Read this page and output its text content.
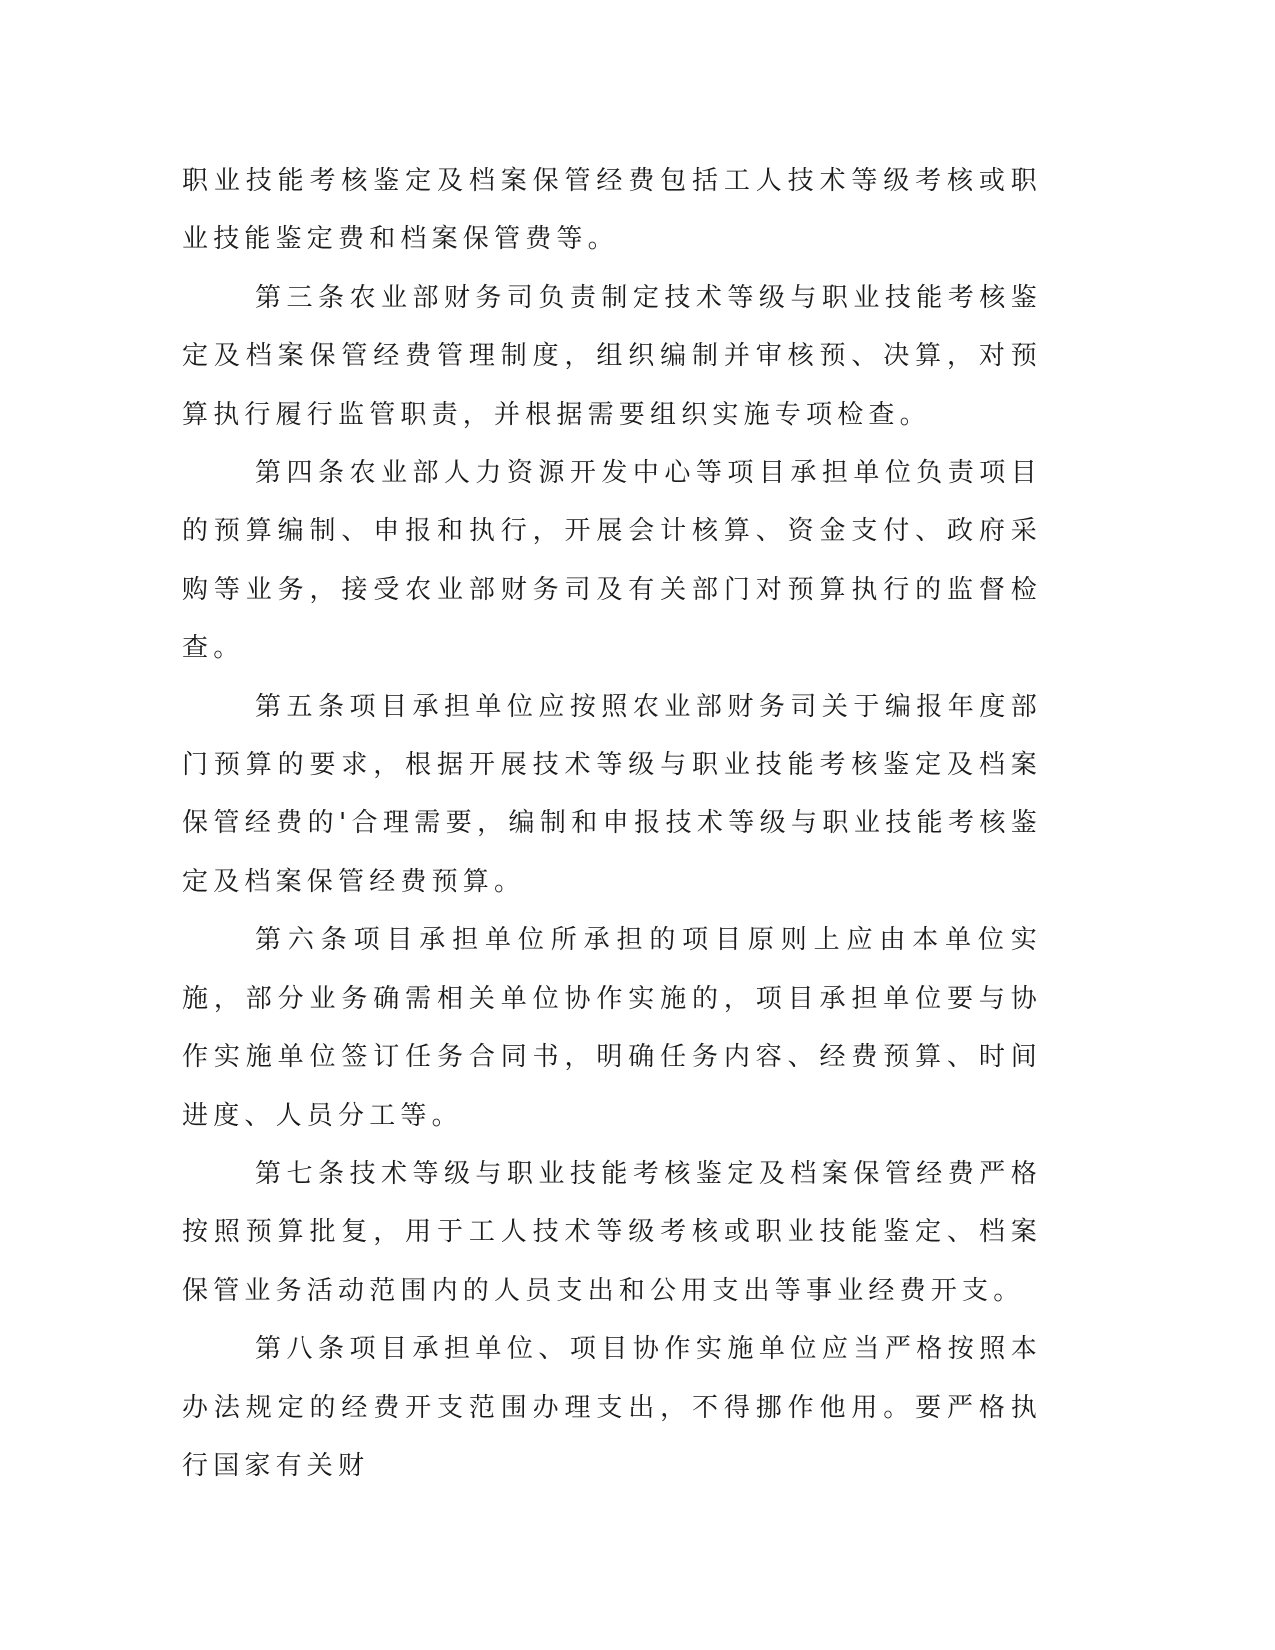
职业技能考核鉴定及档案保管经费包括工人技术等级考核或职业技能鉴定费和档案保管费等。

第三条农业部财务司负责制定技术等级与职业技能考核鉴定及档案保管经费管理制度，组织编制并审核预、决算，对预算执行履行监管职责，并根据需要组织实施专项检查。

第四条农业部人力资源开发中心等项目承担单位负责项目的预算编制、申报和执行，开展会计核算、资金支付、政府采购等业务，接受农业部财务司及有关部门对预算执行的监督检查。

第五条项目承担单位应按照农业部财务司关于编报年度部门预算的要求，根据开展技术等级与职业技能考核鉴定及档案保管经费的'合理需要，编制和申报技术等级与职业技能考核鉴定及档案保管经费预算。

第六条项目承担单位所承担的项目原则上应由本单位实施，部分业务确需相关单位协作实施的，项目承担单位要与协作实施单位签订任务合同书，明确任务内容、经费预算、时间进度、人员分工等。

第七条技术等级与职业技能考核鉴定及档案保管经费严格按照预算批复，用于工人技术等级考核或职业技能鉴定、档案保管业务活动范围内的人员支出和公用支出等事业经费开支。

第八条项目承担单位、项目协作实施单位应当严格按照本办法规定的经费开支范围办理支出，不得挪作他用。要严格执行国家有关财
